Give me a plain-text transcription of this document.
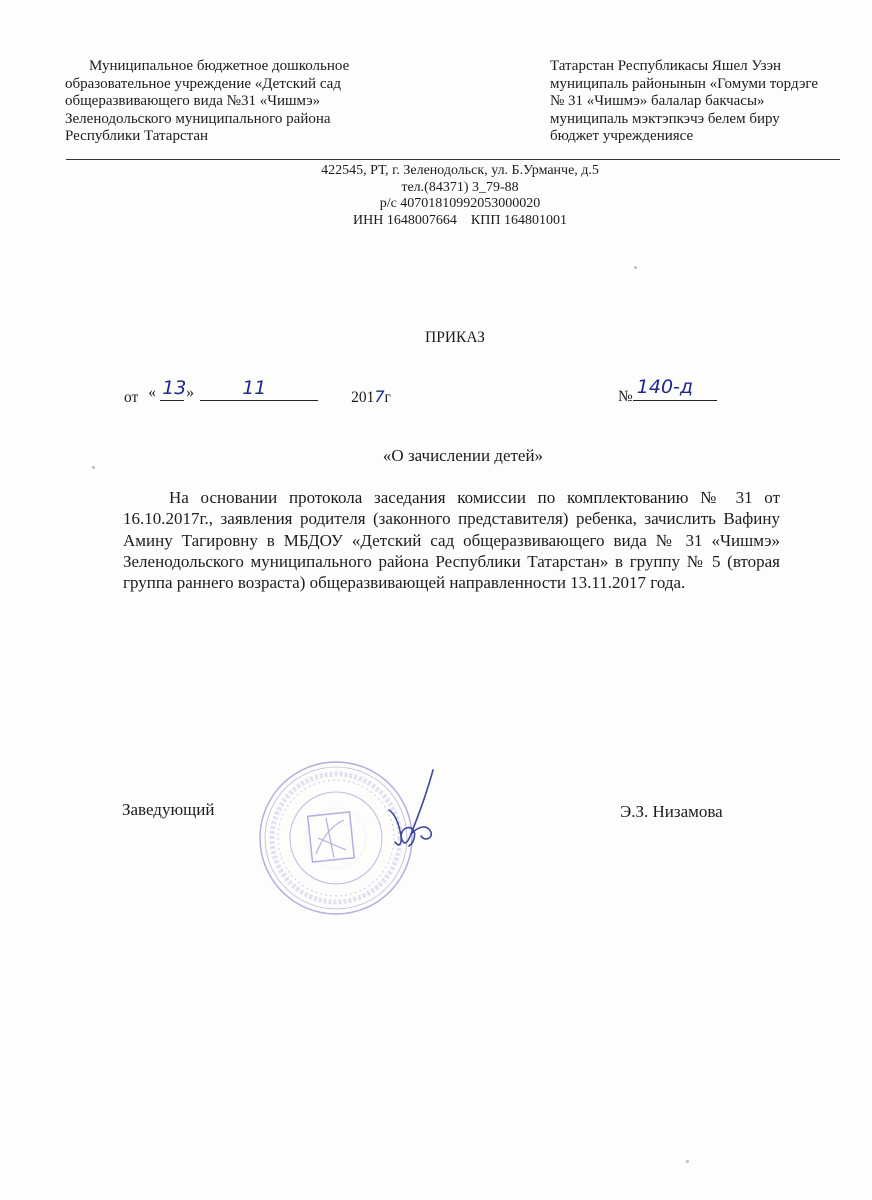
Муниципальное бюджетное дошкольное
образовательное учреждение «Детский сад
общеразвивающего вида №31 «Чишмэ»
Зеленодольского муниципального района
Республики Татарстан
Татарстан Республикасы Яшел Узэн
муниципаль районынын «Гомуми тордэге
№ 31 «Чишмэ» балалар бакчасы»
муниципаль мэктэпкэчэ белем биру
бюджет учреждениясе
422545, РТ, г. Зеленодольск, ул. Б.Урманче, д.5
тел.(84371) 3_79-88
р/с 40701810992053000020
ИНН 1648007664 КПП 164801001
ПРИКАЗ
от « »
13	11	2017г	№ 140-д
«О зачислении детей»
На основании протокола заседания комиссии по комплектованию № 31 от 16.10.2017г., заявления родителя (законного представителя) ребенка, зачислить Вафину Амину Тагировну в МБДОУ «Детский сад общеразвивающего вида № 31 «Чишмэ» Зеленодольского муниципального района Республики Татарстан» в группу № 5 (вторая группа раннего возраста) общеразвивающей направленности 13.11.2017 года.
Заведующий	Э.З. Низамова
